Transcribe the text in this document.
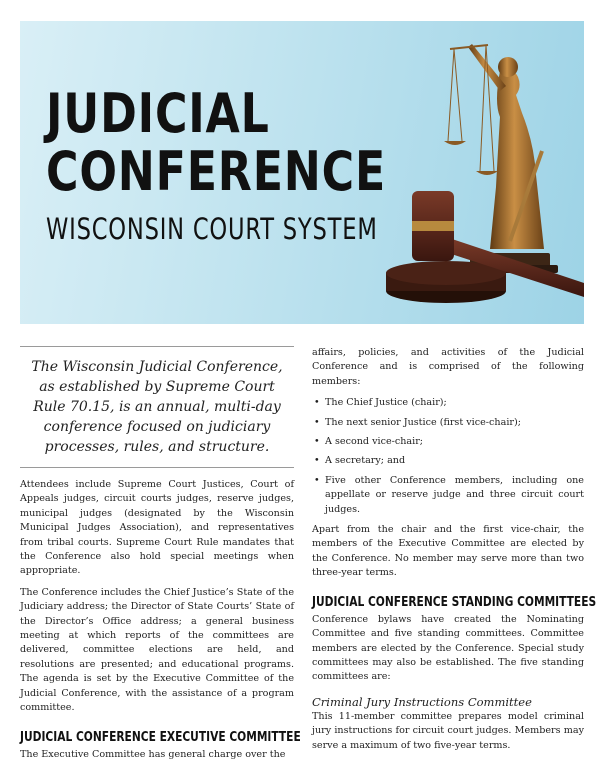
JUDICIAL
CONFERENCE
WISCONSIN COURT SYSTEM
The Wisconsin Judicial Conference, as established by Supreme Court Rule 70.15, is an annual, multi-day conference focused on judiciary processes, rules, and structure.

Attendees include Supreme Court Justices, Court of Appeals judges, circuit courts judges, reserve judges, municipal judges (designated by the Wisconsin Municipal Judges Association), and representatives from tribal courts. Supreme Court Rule mandates that the Conference also hold special meetings when appropriate.

The Conference includes the Chief Justice’s State of the Judiciary address; the Director of State Courts’ State of the Director’s Office address; a general business meeting at which reports of the committees are delivered, committee elections are held, and resolutions are presented; and educational programs. The agenda is set by the Executive Committee of the Judicial Conference, with the assistance of a program committee.

JUDICIAL CONFERENCE EXECUTIVE COMMITTEE

The Executive Committee has general charge over the

affairs, policies, and activities of the Judicial Conference and is comprised of the following members:

• The Chief Justice (chair);
• The next senior Justice (first vice-chair);
• A second vice-chair;
• A secretary; and
• Five other Conference members, including one appellate or reserve judge and three circuit court judges.

Apart from the chair and the first vice-chair, the members of the Executive Committee are elected by the Conference. No member may serve more than two three-year terms.

JUDICIAL CONFERENCE STANDING COMMITTEES

Conference bylaws have created the Nominating Committee and five standing committees. Committee members are elected by the Conference. Special study committees may also be established. The five standing committees are:

Criminal Jury Instructions Committee

This 11-member committee prepares model criminal jury instructions for circuit court judges. Members may serve a maximum of two five-year terms.
